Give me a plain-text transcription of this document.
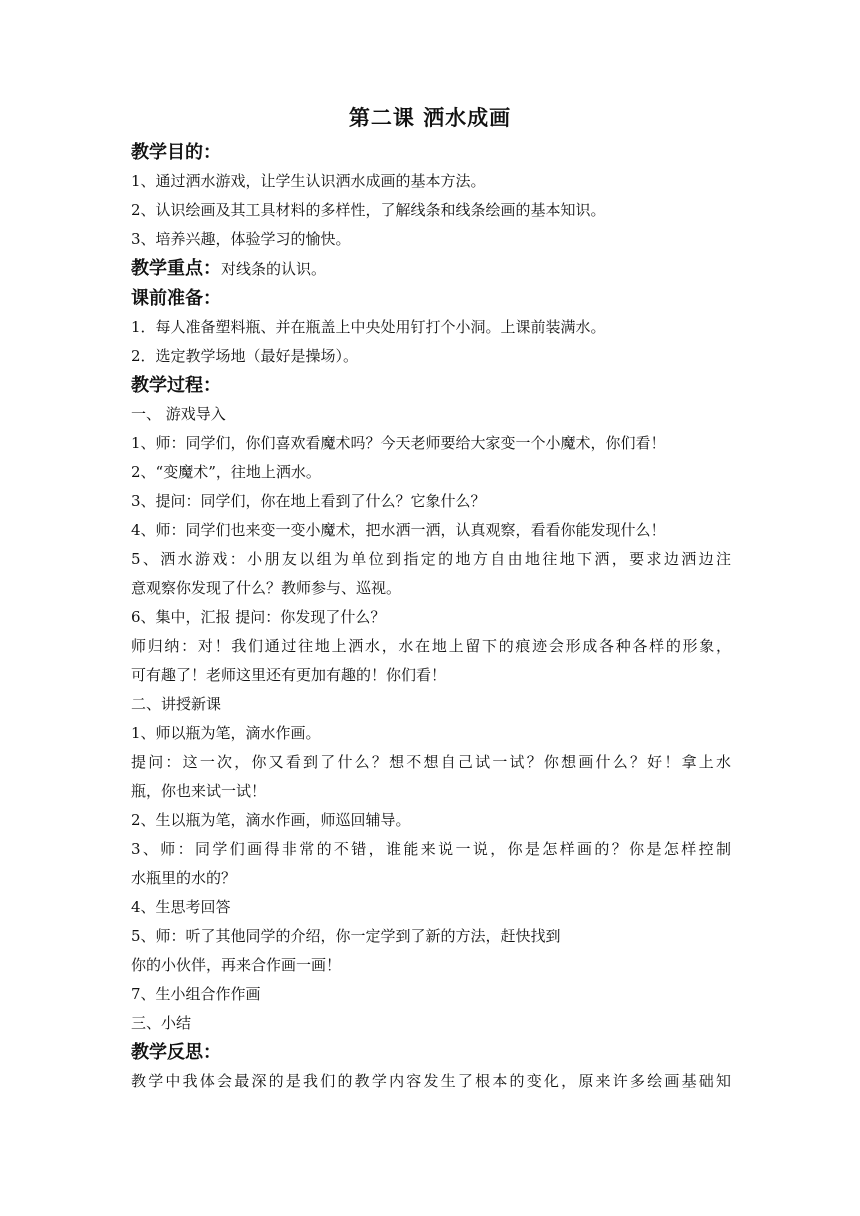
第二课 洒水成画
教学目的：
1、通过洒水游戏，让学生认识洒水成画的基本方法。
2、认识绘画及其工具材料的多样性，了解线条和线条绘画的基本知识。
3、培养兴趣，体验学习的愉快。
教学重点：对线条的认识。
课前准备：
1．每人准备塑料瓶、并在瓶盖上中央处用钉打个小洞。上课前装满水。
2．选定教学场地（最好是操场）。
教学过程：
一、 游戏导入
1、师：同学们，你们喜欢看魔术吗？今天老师要给大家变一个小魔术，你们看！
2、“变魔术”，往地上洒水。
3、提问：同学们，你在地上看到了什么？它象什么？
4、师：同学们也来变一变小魔术，把水洒一洒，认真观察，看看你能发现什么！
5、洒水游戏：小朋友以组为单位到指定的地方自由地往地下洒，要求边洒边注
意观察你发现了什么？教师参与、巡视。
6、集中，汇报 提问：你发现了什么？
师归纳：对！我们通过往地上洒水，水在地上留下的痕迹会形成各种各样的形象，
可有趣了！老师这里还有更加有趣的！你们看！
二、讲授新课
1、师以瓶为笔，滴水作画。
提问：这一次，你又看到了什么？想不想自己试一试？你想画什么？好！拿上水
瓶，你也来试一试！
2、生以瓶为笔，滴水作画，师巡回辅导。
3、师：同学们画得非常的不错，谁能来说一说，你是怎样画的？你是怎样控制
水瓶里的水的？
4、生思考回答
5、师：听了其他同学的介绍，你一定学到了新的方法，赶快找到
你的小伙伴，再来合作画一画！
7、生小组合作作画
三、小结
教学反思：
教学中我体会最深的是我们的教学内容发生了根本的变化，原来许多绘画基础知
